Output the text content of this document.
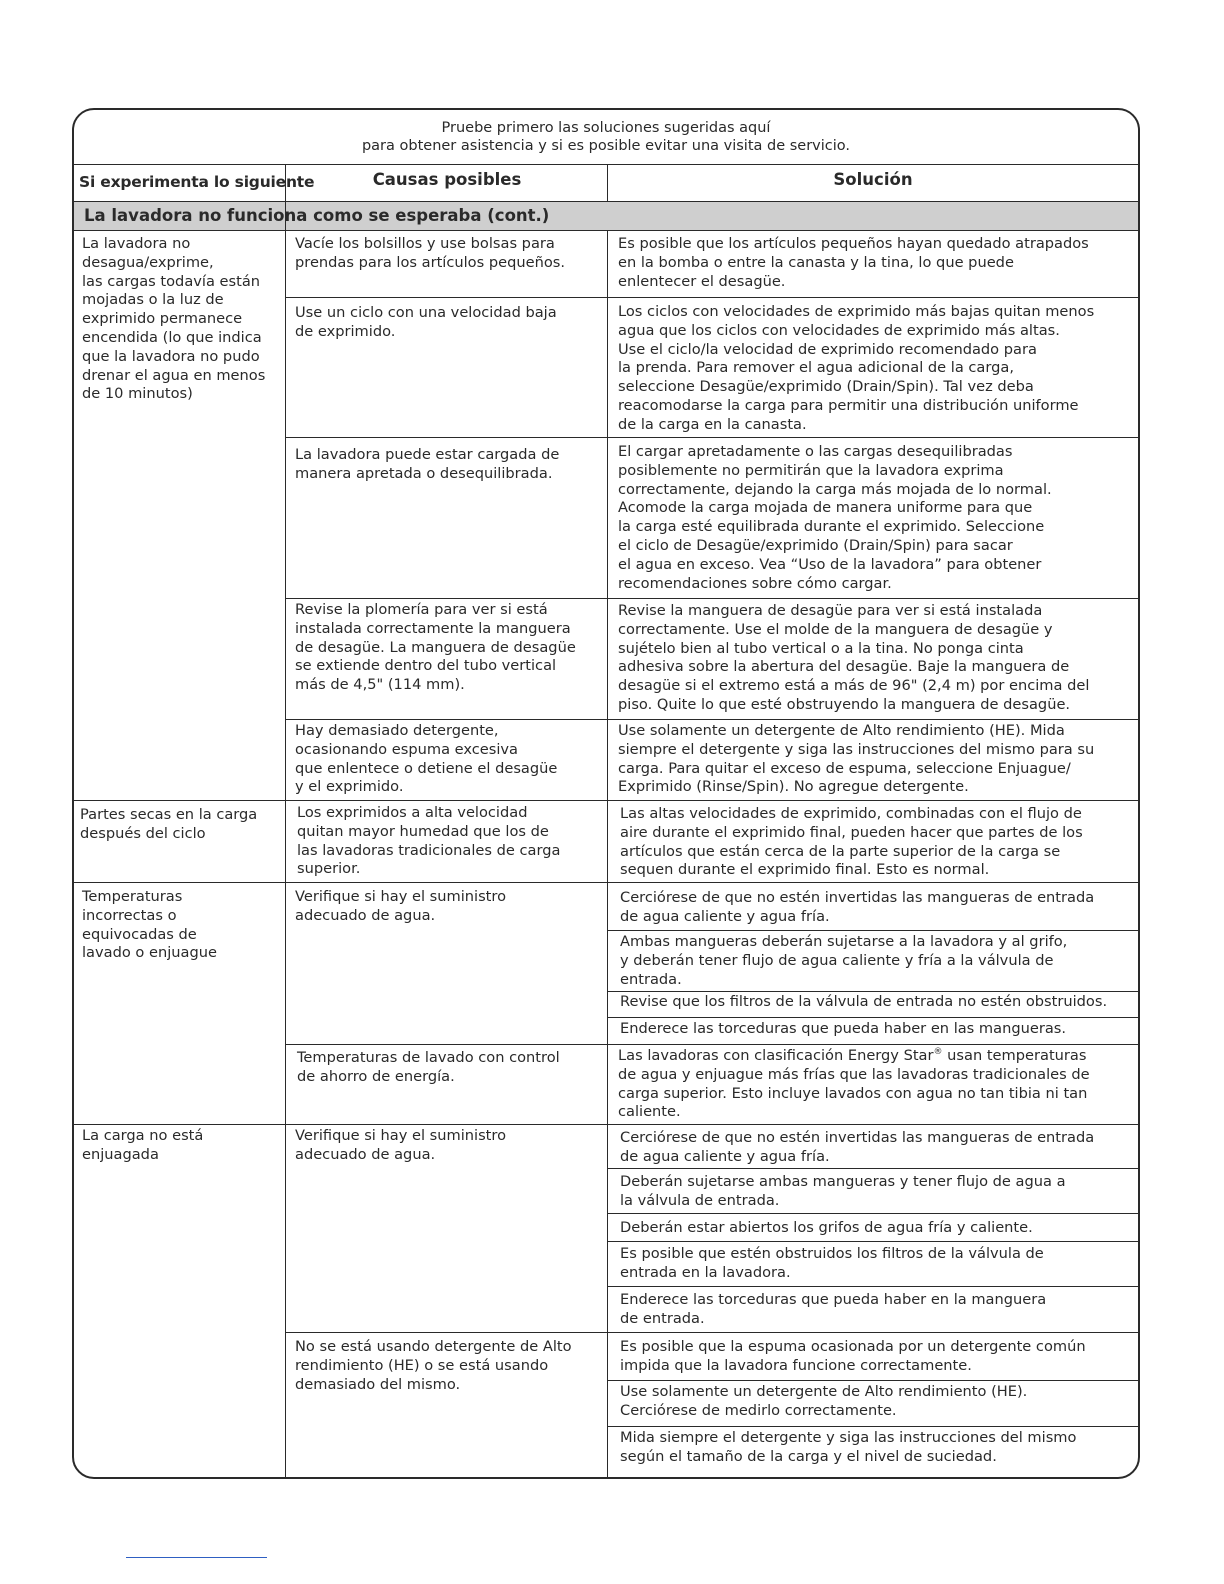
Pruebe primero las soluciones sugeridas aquí
para obtener asistencia y si es posible evitar una visita de servicio.
Si experimenta lo siguiente	Causas posibles	Solución
La lavadora no funciona como se esperaba (cont.)
La lavadora no
desagua/exprime,
las cargas todavía están
mojadas o la luz de
exprimido permanece
encendida (lo que indica
que la lavadora no pudo
drenar el agua en menos
de 10 minutos)
Vacíe los bolsillos y use bolsas para
prendas para los artículos pequeños.
Es posible que los artículos pequeños hayan quedado atrapados
en la bomba o entre la canasta y la tina, lo que puede
enlentecer el desagüe.
Use un ciclo con una velocidad baja
de exprimido.
Los ciclos con velocidades de exprimido más bajas quitan menos
agua que los ciclos con velocidades de exprimido más altas.
Use el ciclo/la velocidad de exprimido recomendado para
la prenda. Para remover el agua adicional de la carga,
seleccione Desagüe/exprimido (Drain/Spin). Tal vez deba
reacomodarse la carga para permitir una distribución uniforme
de la carga en la canasta.
La lavadora puede estar cargada de
manera apretada o desequilibrada.
El cargar apretadamente o las cargas desequilibradas
posiblemente no permitirán que la lavadora exprima
correctamente, dejando la carga más mojada de lo normal.
Acomode la carga mojada de manera uniforme para que
la carga esté equilibrada durante el exprimido. Seleccione
el ciclo de Desagüe/exprimido (Drain/Spin) para sacar
el agua en exceso. Vea “Uso de la lavadora” para obtener
recomendaciones sobre cómo cargar.
Revise la plomería para ver si está
instalada correctamente la manguera
de desagüe. La manguera de desagüe
se extiende dentro del tubo vertical
más de 4,5" (114 mm).
Revise la manguera de desagüe para ver si está instalada
correctamente. Use el molde de la manguera de desagüe y
sujételo bien al tubo vertical o a la tina. No ponga cinta
adhesiva sobre la abertura del desagüe. Baje la manguera de
desagüe si el extremo está a más de 96" (2,4 m) por encima del
piso. Quite lo que esté obstruyendo la manguera de desagüe.
Hay demasiado detergente,
ocasionando espuma excesiva
que enlentece o detiene el desagüe
y el exprimido.
Use solamente un detergente de Alto rendimiento (HE). Mida
siempre el detergente y siga las instrucciones del mismo para su
carga. Para quitar el exceso de espuma, seleccione Enjuague/
Exprimido (Rinse/Spin). No agregue detergente.
Partes secas en la carga
después del ciclo
Los exprimidos a alta velocidad
quitan mayor humedad que los de
las lavadoras tradicionales de carga
superior.
Las altas velocidades de exprimido, combinadas con el flujo de
aire durante el exprimido final, pueden hacer que partes de los
artículos que están cerca de la parte superior de la carga se
sequen durante el exprimido final. Esto es normal.
Temperaturas
incorrectas o
equivocadas de
lavado o enjuague
Verifique si hay el suministro
adecuado de agua.
Cerciórese de que no estén invertidas las mangueras de entrada
de agua caliente y agua fría.
Ambas mangueras deberán sujetarse a la lavadora y al grifo,
y deberán tener flujo de agua caliente y fría a la válvula de
entrada.
Revise que los filtros de la válvula de entrada no estén obstruidos.
Enderece las torceduras que pueda haber en las mangueras.
Temperaturas de lavado con control
de ahorro de energía.
Las lavadoras con clasificación Energy Star® usan temperaturas
de agua y enjuague más frías que las lavadoras tradicionales de
carga superior. Esto incluye lavados con agua no tan tibia ni tan
caliente.
La carga no está
enjuagada
Verifique si hay el suministro
adecuado de agua.
Cerciórese de que no estén invertidas las mangueras de entrada
de agua caliente y agua fría.
Deberán sujetarse ambas mangueras y tener flujo de agua a
la válvula de entrada.
Deberán estar abiertos los grifos de agua fría y caliente.
Es posible que estén obstruidos los filtros de la válvula de
entrada en la lavadora.
Enderece las torceduras que pueda haber en la manguera
de entrada.
No se está usando detergente de Alto
rendimiento (HE) o se está usando
demasiado del mismo.
Es posible que la espuma ocasionada por un detergente común
impida que la lavadora funcione correctamente.
Use solamente un detergente de Alto rendimiento (HE).
Cerciórese de medirlo correctamente.
Mida siempre el detergente y siga las instrucciones del mismo
según el tamaño de la carga y el nivel de suciedad.
